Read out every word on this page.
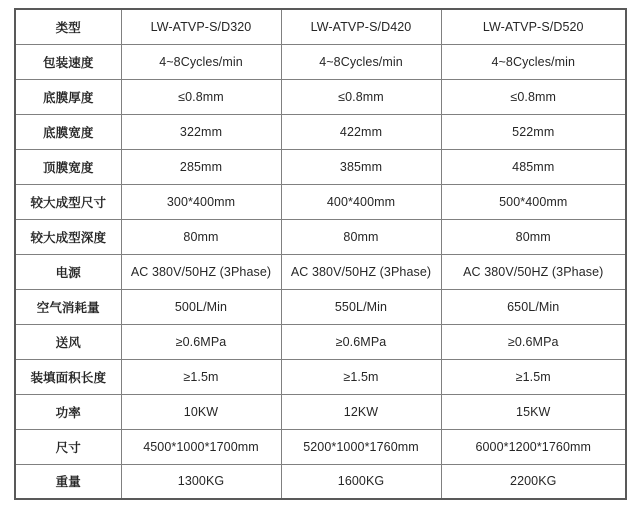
类型	LW-ATVP-S/D320	LW-ATVP-S/D420	LW-ATVP-S/D520
包装速度	4~8Cycles/min	4~8Cycles/min	4~8Cycles/min
底膜厚度	≤0.8mm	≤0.8mm	≤0.8mm
底膜宽度	322mm	422mm	522mm
顶膜宽度	285mm	385mm	485mm
较大成型尺寸	300*400mm	400*400mm	500*400mm
较大成型深度	80mm	80mm	80mm
电源	AC 380V/50HZ (3Phase)	AC 380V/50HZ (3Phase)	AC 380V/50HZ (3Phase)
空气消耗量	500L/Min	550L/Min	650L/Min
送风	≥0.6MPa	≥0.6MPa	≥0.6MPa
装填面积长度	≥1.5m	≥1.5m	≥1.5m
功率	10KW	12KW	15KW
尺寸	4500*1000*1700mm	5200*1000*1760mm	6000*1200*1760mm
重量	1300KG	1600KG	2200KG
